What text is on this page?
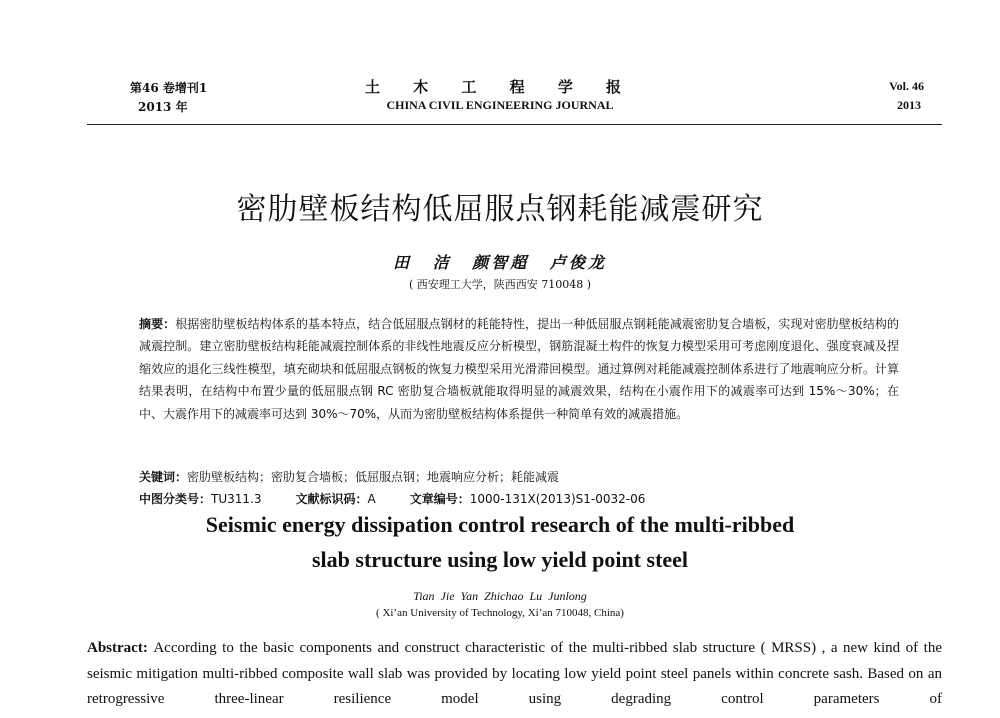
第46 卷增刊1
2013 年
土 木 工 程 学 报
CHINA CIVIL ENGINEERING JOURNAL
Vol. 46
2013
密肋壁板结构低屈服点钢耗能减震研究
田 洁 颜智超 卢俊龙
( 西安理工大学，陕西西安 710048 )
摘要：根据密肋壁板结构体系的基本特点，结合低屈服点钢材的耗能特性，提出一种低屈服点钢耗能减震密肋复合墙板，实现对密肋壁板结构的减震控制。建立密肋壁板结构耗能减震控制体系的非线性地震反应分析模型，钢筋混凝土构件的恢复力模型采用可考虑刚度退化、强度衰减及捏缩效应的退化三线性模型，填充砌块和低屈服点钢板的恢复力模型采用光滑滞回模型。通过算例对耗能减震控制体系进行了地震响应分析。计算结果表明，在结构中布置少量的低屈服点钢 RC 密肋复合墙板就能取得明显的减震效果，结构在小震作用下的减震率可达到 15%～30%；在中、大震作用下的减震率可达到 30%～70%，从而为密肋壁板结构体系提供一种简单有效的减震措施。
关键词：密肋壁板结构；密肋复合墙板；低屈服点钢；地震响应分析；耗能减震
中图分类号：TU311.3	文献标识码：A	文章编号：1000-131X(2013)S1-0032-06
Seismic energy dissipation control research of the multi-ribbed
slab structure using low yield point steel
Tian Jie Yan Zhichao Lu Junlong
( Xi’an University of Technology, Xi’an 710048, China)
Abstract: According to the basic components and construct characteristic of the multi-ribbed slab structure ( MRSS) , a new kind of the seismic mitigation multi-ribbed composite wall slab was provided by locating low yield point steel panels within concrete sash. Based on an retrogressive three-linear resilience model using degrading control parameters of
